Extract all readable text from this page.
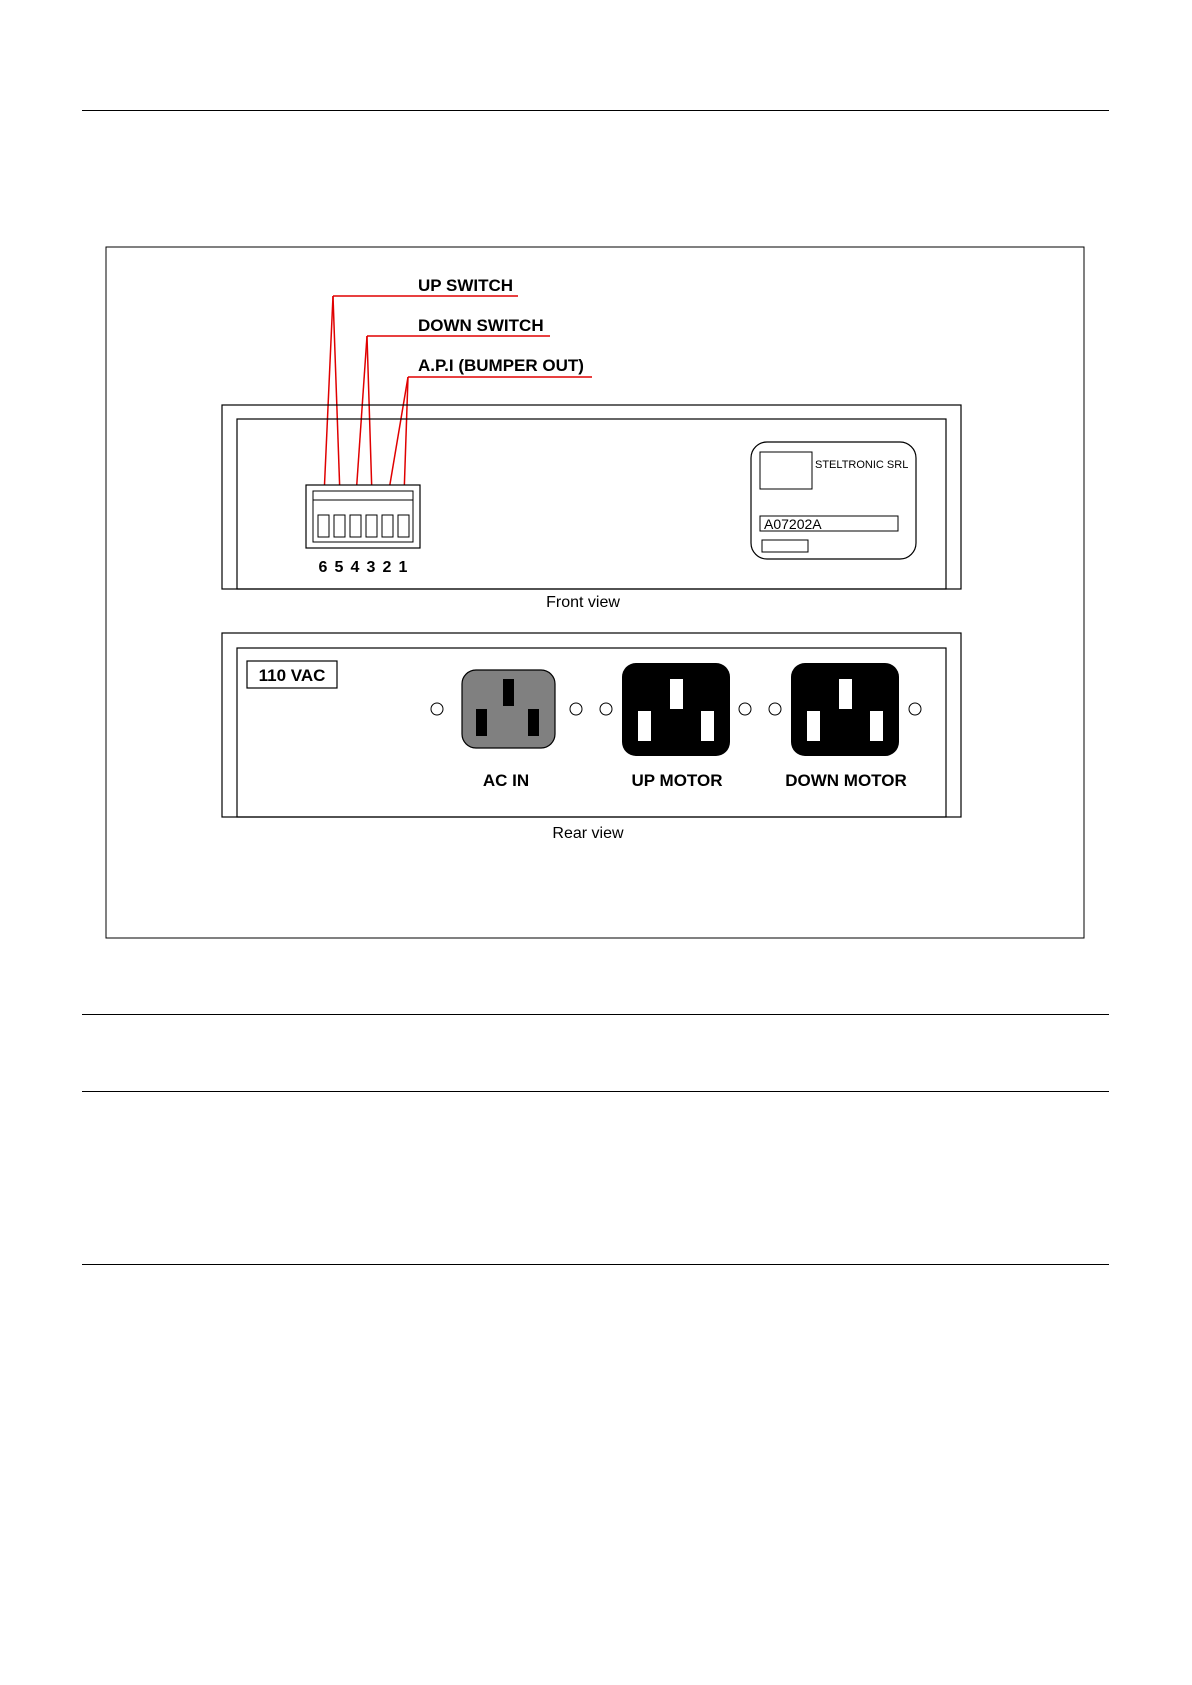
UP SWITCH
DOWN SWITCH
A.P.I (BUMPER OUT)
6 5 4 3 2 1
STELTRONIC SRL
A07202A
Front view
110 VAC
AC IN	UP MOTOR	DOWN MOTOR
Rear view
